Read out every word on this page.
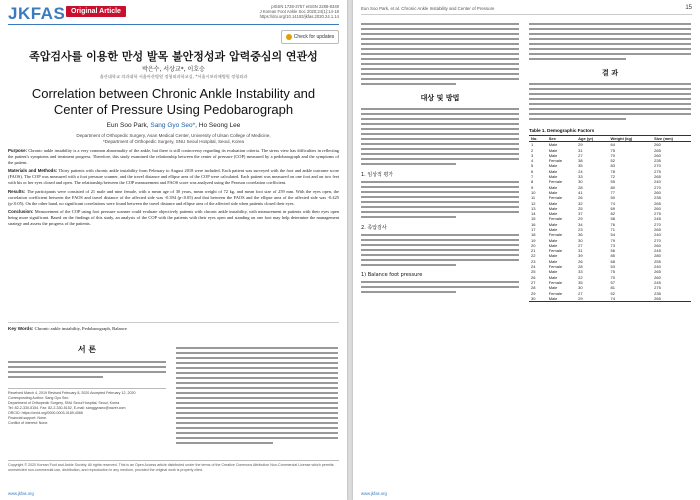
JKFAS Original Article
pISSN 1738-3757 eISSN 2288-8349
J Korean Foot Ankle Soc 2020;24(1):14-18
https://doi.org/10.14193/jkfas.2020.24.1.14
Check for updates
족압검사를 이용한 만성 발목 불안정성과 압력중심의 연관성
박은수, 서상교*, 이호승
울산대학교 의과대학 서울아산병원 정형외과학교실, *서울시보라매병원 정형외과
Correlation between Chronic Ankle Instability and Center of Pressure Using Pedobarograph
Eun Soo Park, Sang Gyo Seo*, Ho Seong Lee
Department of Orthopedic Surgery, Asan Medical Center, University of Ulsan College of Medicine,
*Department of Orthopedic Surgery, SNU Seoul Hospital, Seoul, Korea

Purpose: Chronic ankle instability is a very common abnormality of the ankle, but there is still controversy regarding its evaluation criteria. The stress view has difficulties in reflecting the patient's symptoms and treatment progress. Therefore, this study examined the relationship between the center of pressure (COP) measured by a pedobarograph and the symptoms of the patient.

Materials and Methods: Thirty patients with chronic ankle instability from February to August 2018 were included. Each patient was surveyed with the foot and ankle outcome score (FAOS). The COP was measured with a foot pressure scanner, and the travel distance and ellipse area of the COP were calculated. Each patient was measured on one foot and on two feet with his or her eyes closed and open. The relationship between the COP measurement and FAOS score was analyzed using the Pearson correlation coefficient.

Results: The participants were consisted of 21 male and nine female, with a mean age of 30 years, mean weight of 72 kg, and mean foot size of 259 mm. With the eyes open, the correlation coefficient between the FAOS and travel distance of the affected side was -0.394 (p<0.05) and that between the FAOS and the ellipse area of the affected side was -0.425 (p<0.05). On the other hand, no significant correlations were found between the travel distance and ellipse area of the affected side when patients closed their eyes.

Conclusion: Measurement of the COP using foot pressure scanner could evaluate objectively patients with chronic ankle instability, with measurement in patients with their eyes open being more significant. Based on the findings of this study, an analysis of the COP with the patients with their eyes open and standing on one foot may help determine the management strategy and assess the progress of the patients.

Key Words: Chronic ankle instability, Pedobarograph, Balance
서 론
Received March 4, 2019 Revised February 8, 2020 Accepted February 12, 2020
Corresponding Author: Sang Gyo Seo
Department of Orthopedic Surgery, SNU Seoul Hospital, Seoul, Korea
Tel: 82-2-330-5154, Fax: 82-2-330-5152, E-mail: sanggyoseo@naver.com
ORCID: https://orcid.org/0000-0003-0189-4066
Financial support: None.
Conflict of interest: None.
Copyright © 2020 Korean Foot and Ankle Society. All rights reserved. This is an Open Access article distributed under the terms of the Creative Commons Attribution Non-Commercial License which permits unrestricted non-commercial use, distribution, and reproduction in any medium, provided the original work is properly cited.
www.jkfas.org
Eun Soo Park, et al. Chronic Ankle Instability and Center of Pressure	15
대상 및 방법
1. 임상적 평가
2. 족압검사
1) Balance foot pressure
결 과
Table 1. Demographic Factors
No.	Sex	Age (yr)	Weight (kg)	Size (mm)
1	Male	29	64	260
2	Male	31	75	265
3	Male	27	70	260
4	Female	38	52	235
5	Male	35	83	270
6	Male	24	78	275
7	Male	33	72	265
8	Female	30	55	240
9	Male	28	80	270
10	Male	41	77	260
11	Female	26	50	235
12	Male	32	74	265
13	Male	25	69	260
14	Male	37	82	275
15	Female	29	58	245
16	Male	34	76	270
17	Male	23	71	265
18	Female	36	54	240
19	Male	30	79	270
20	Male	27	73	260
21	Female	31	56	245
22	Male	39	85	280
23	Male	26	68	255
24	Female	28	53	240
25	Male	33	75	265
26	Male	22	70	260
27	Female	35	57	245
28	Male	30	81	275
29	Female	27	52	235
30	Male	29	74	265
www.jkfas.org
